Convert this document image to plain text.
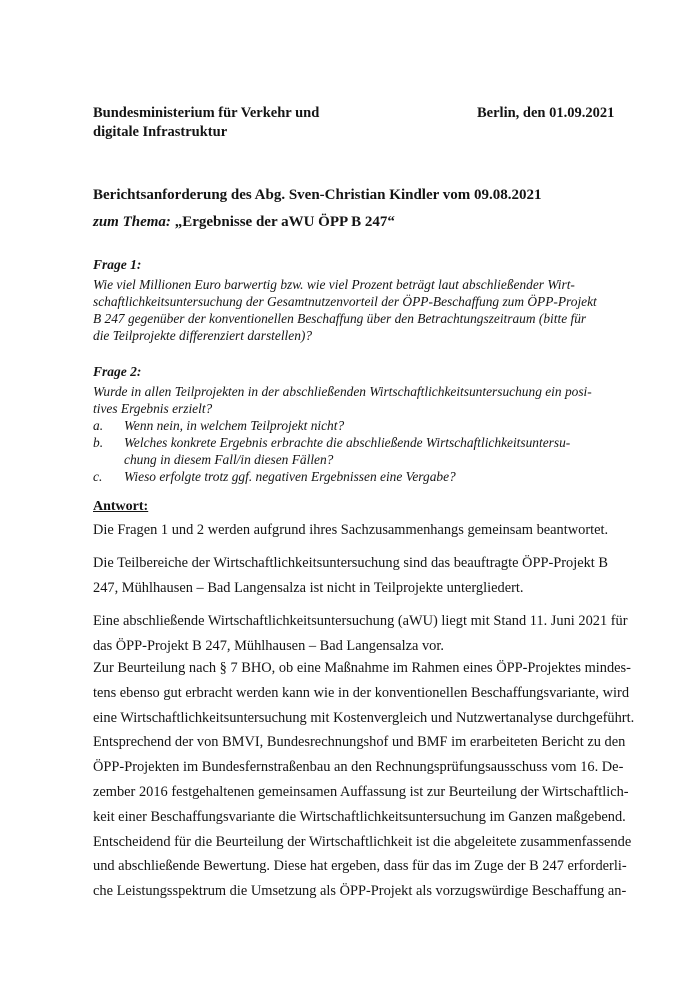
Bundesministerium für Verkehr und
digitale Infrastruktur
Berlin, den 01.09.2021
Berichtsanforderung des Abg. Sven-Christian Kindler vom 09.08.2021
zum Thema: „Ergebnisse der aWU ÖPP B 247“
Frage 1:
Wie viel Millionen Euro barwertig bzw. wie viel Prozent beträgt laut abschließender Wirt-
schaftlichkeitsuntersuchung der Gesamtnutzenvorteil der ÖPP-Beschaffung zum ÖPP-Projekt
B 247 gegenüber der konventionellen Beschaffung über den Betrachtungszeitraum (bitte für
die Teilprojekte differenziert darstellen)?
Frage 2:
Wurde in allen Teilprojekten in der abschließenden Wirtschaftlichkeitsuntersuchung ein posi-
tives Ergebnis erzielt?
a. Wenn nein, in welchem Teilprojekt nicht?
b. Welches konkrete Ergebnis erbrachte die abschließende Wirtschaftlichkeitsuntersu-
chung in diesem Fall/in diesen Fällen?
c. Wieso erfolgte trotz ggf. negativen Ergebnissen eine Vergabe?
Antwort:
Die Fragen 1 und 2 werden aufgrund ihres Sachzusammenhangs gemeinsam beantwortet.
Die Teilbereiche der Wirtschaftlichkeitsuntersuchung sind das beauftragte ÖPP-Projekt B
247, Mühlhausen – Bad Langensalza ist nicht in Teilprojekte untergliedert.
Eine abschließende Wirtschaftlichkeitsuntersuchung (aWU) liegt mit Stand 11. Juni 2021 für
das ÖPP-Projekt B 247, Mühlhausen – Bad Langensalza vor.
Zur Beurteilung nach § 7 BHO, ob eine Maßnahme im Rahmen eines ÖPP-Projektes mindes-
tens ebenso gut erbracht werden kann wie in der konventionellen Beschaffungsvariante, wird
eine Wirtschaftlichkeitsuntersuchung mit Kostenvergleich und Nutzwertanalyse durchgeführt.
Entsprechend der von BMVI, Bundesrechnungshof und BMF im erarbeiteten Bericht zu den
ÖPP-Projekten im Bundesfernstraßenbau an den Rechnungsprüfungsausschuss vom 16. De-
zember 2016 festgehaltenen gemeinsamen Auffassung ist zur Beurteilung der Wirtschaftlich-
keit einer Beschaffungsvariante die Wirtschaftlichkeitsuntersuchung im Ganzen maßgebend.
Entscheidend für die Beurteilung der Wirtschaftlichkeit ist die abgeleitete zusammenfassende
und abschließende Bewertung. Diese hat ergeben, dass für das im Zuge der B 247 erforderli-
che Leistungsspektrum die Umsetzung als ÖPP-Projekt als vorzugswürdige Beschaffung an-
